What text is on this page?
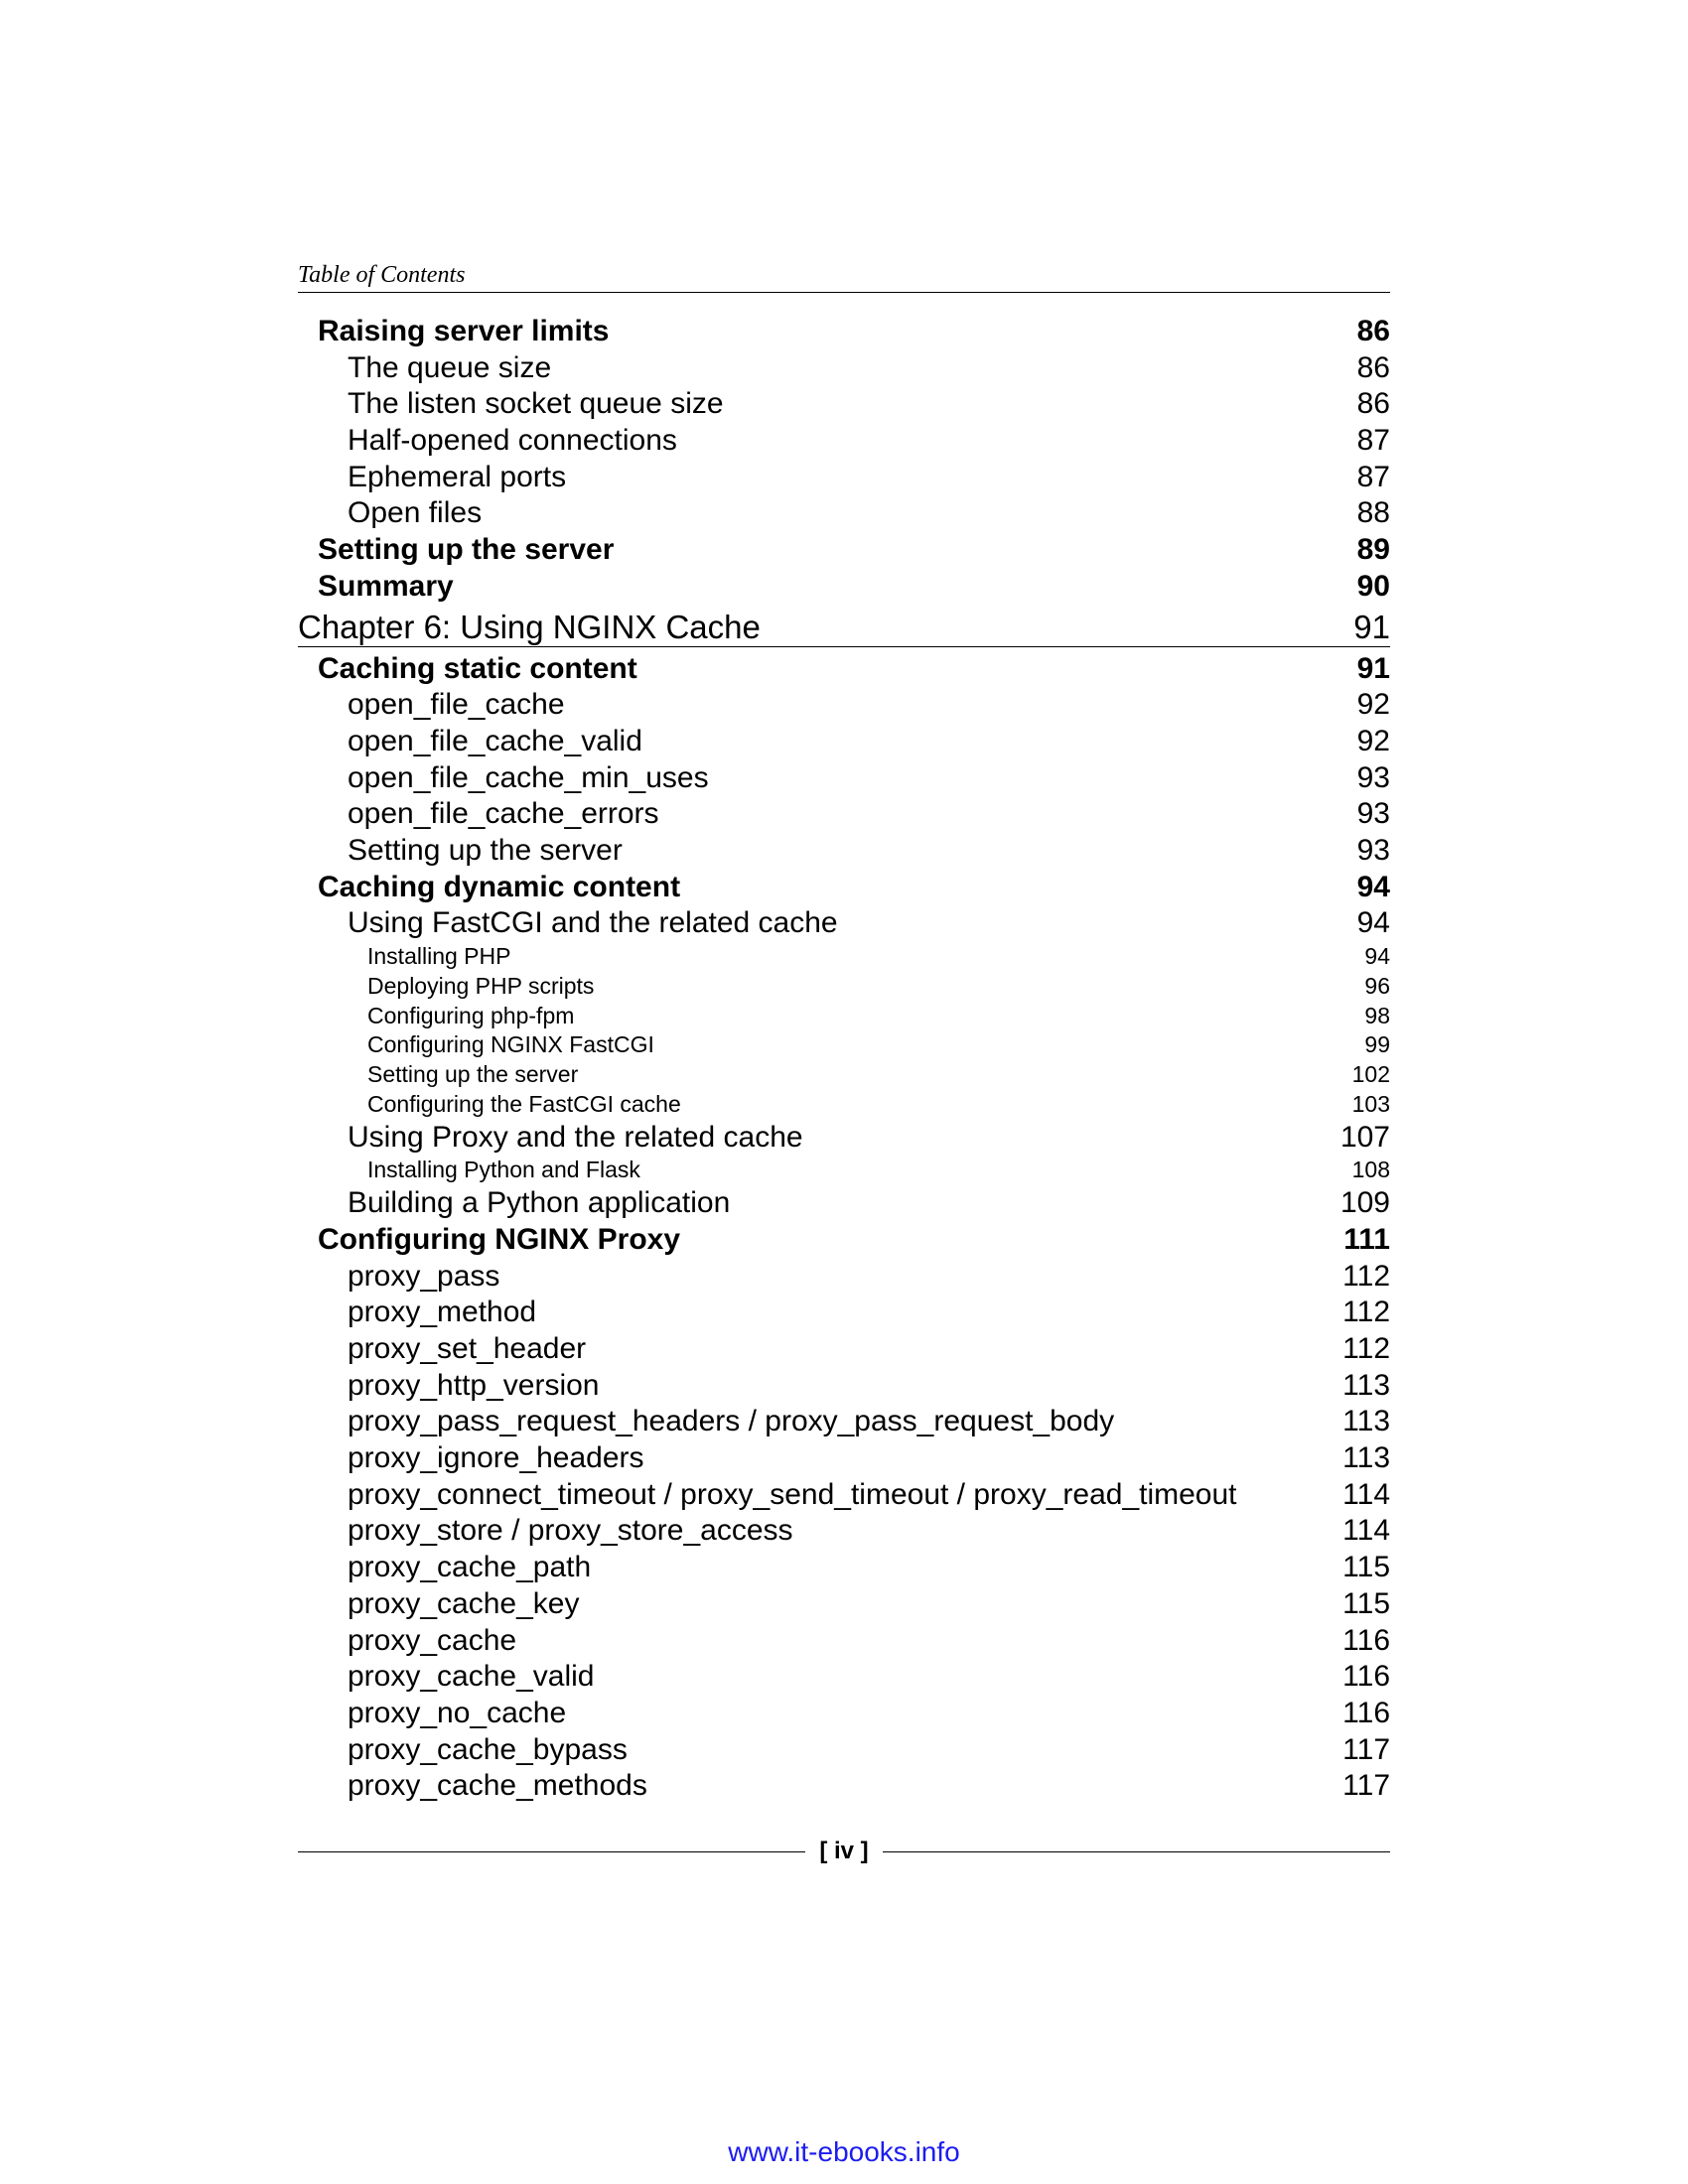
Table of Contents
Raising server limits	86
The queue size	86
The listen socket queue size	86
Half-opened connections	87
Ephemeral ports	87
Open files	88
Setting up the server	89
Summary	90
Chapter 6: Using NGINX Cache	91
Caching static content	91
open_file_cache	92
open_file_cache_valid	92
open_file_cache_min_uses	93
open_file_cache_errors	93
Setting up the server	93
Caching dynamic content	94
Using FastCGI and the related cache	94
Installing PHP	94
Deploying PHP scripts	96
Configuring php-fpm	98
Configuring NGINX FastCGI	99
Setting up the server	102
Configuring the FastCGI cache	103
Using Proxy and the related cache	107
Installing Python and Flask	108
Building a Python application	109
Configuring NGINX Proxy	111
proxy_pass	112
proxy_method	112
proxy_set_header	112
proxy_http_version	113
proxy_pass_request_headers / proxy_pass_request_body	113
proxy_ignore_headers	113
proxy_connect_timeout / proxy_send_timeout / proxy_read_timeout	114
proxy_store / proxy_store_access	114
proxy_cache_path	115
proxy_cache_key	115
proxy_cache	116
proxy_cache_valid	116
proxy_no_cache	116
proxy_cache_bypass	117
proxy_cache_methods	117
[ iv ]
www.it-ebooks.info
